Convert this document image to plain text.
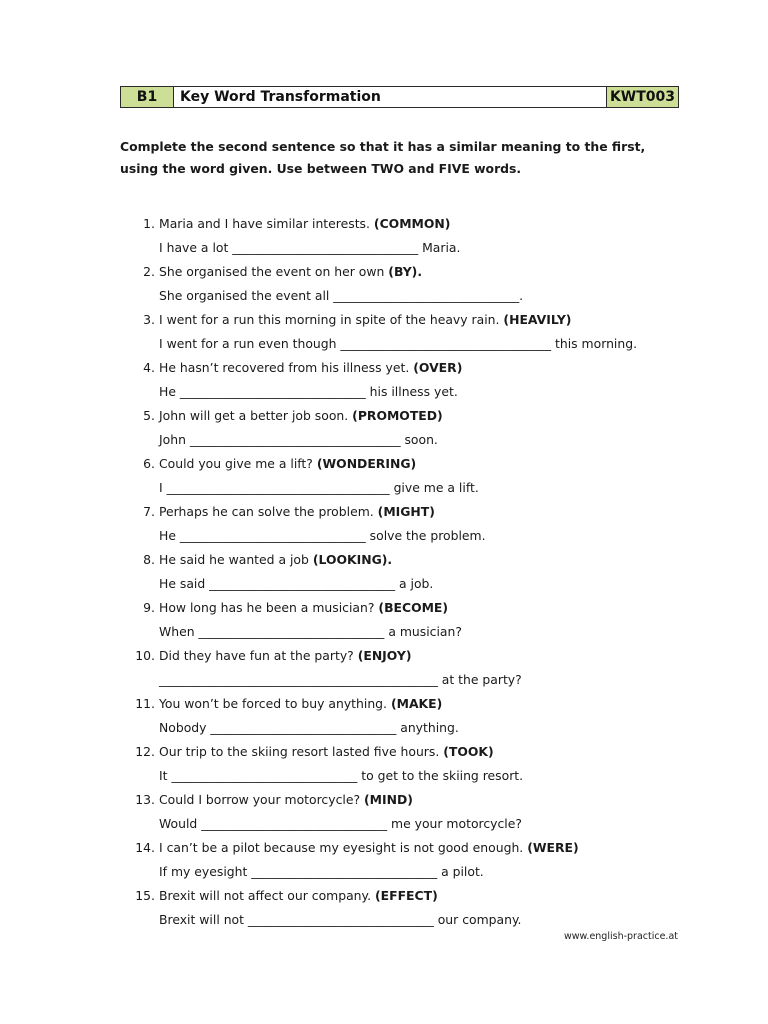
B1	Key Word Transformation	KWT003
Complete the second sentence so that it has a similar meaning to the first, using the word given. Use between TWO and FIVE words.
1. Maria and I have similar interests. (COMMON)
I have a lot ______________________________ Maria.
2. She organised the event on her own (BY).
She organised the event all ______________________________.
3. I went for a run this morning in spite of the heavy rain. (HEAVILY)
I went for a run even though __________________________________ this morning.
4. He hasn’t recovered from his illness yet. (OVER)
He ______________________________ his illness yet.
5. John will get a better job soon. (PROMOTED)
John __________________________________ soon.
6. Could you give me a lift? (WONDERING)
I ____________________________________ give me a lift.
7. Perhaps he can solve the problem. (MIGHT)
He ______________________________ solve the problem.
8. He said he wanted a job (LOOKING).
He said ______________________________ a job.
9. How long has he been a musician? (BECOME)
When ______________________________ a musician?
10. Did they have fun at the party? (ENJOY)
_____________________________________________ at the party?
11. You won’t be forced to buy anything. (MAKE)
Nobody ______________________________ anything.
12. Our trip to the skiing resort lasted five hours. (TOOK)
It ______________________________ to get to the skiing resort.
13. Could I borrow your motorcycle? (MIND)
Would ______________________________ me your motorcycle?
14. I can’t be a pilot because my eyesight is not good enough. (WERE)
If my eyesight ______________________________ a pilot.
15. Brexit will not affect our company. (EFFECT)
Brexit will not ______________________________ our company.
www.english-practice.at
